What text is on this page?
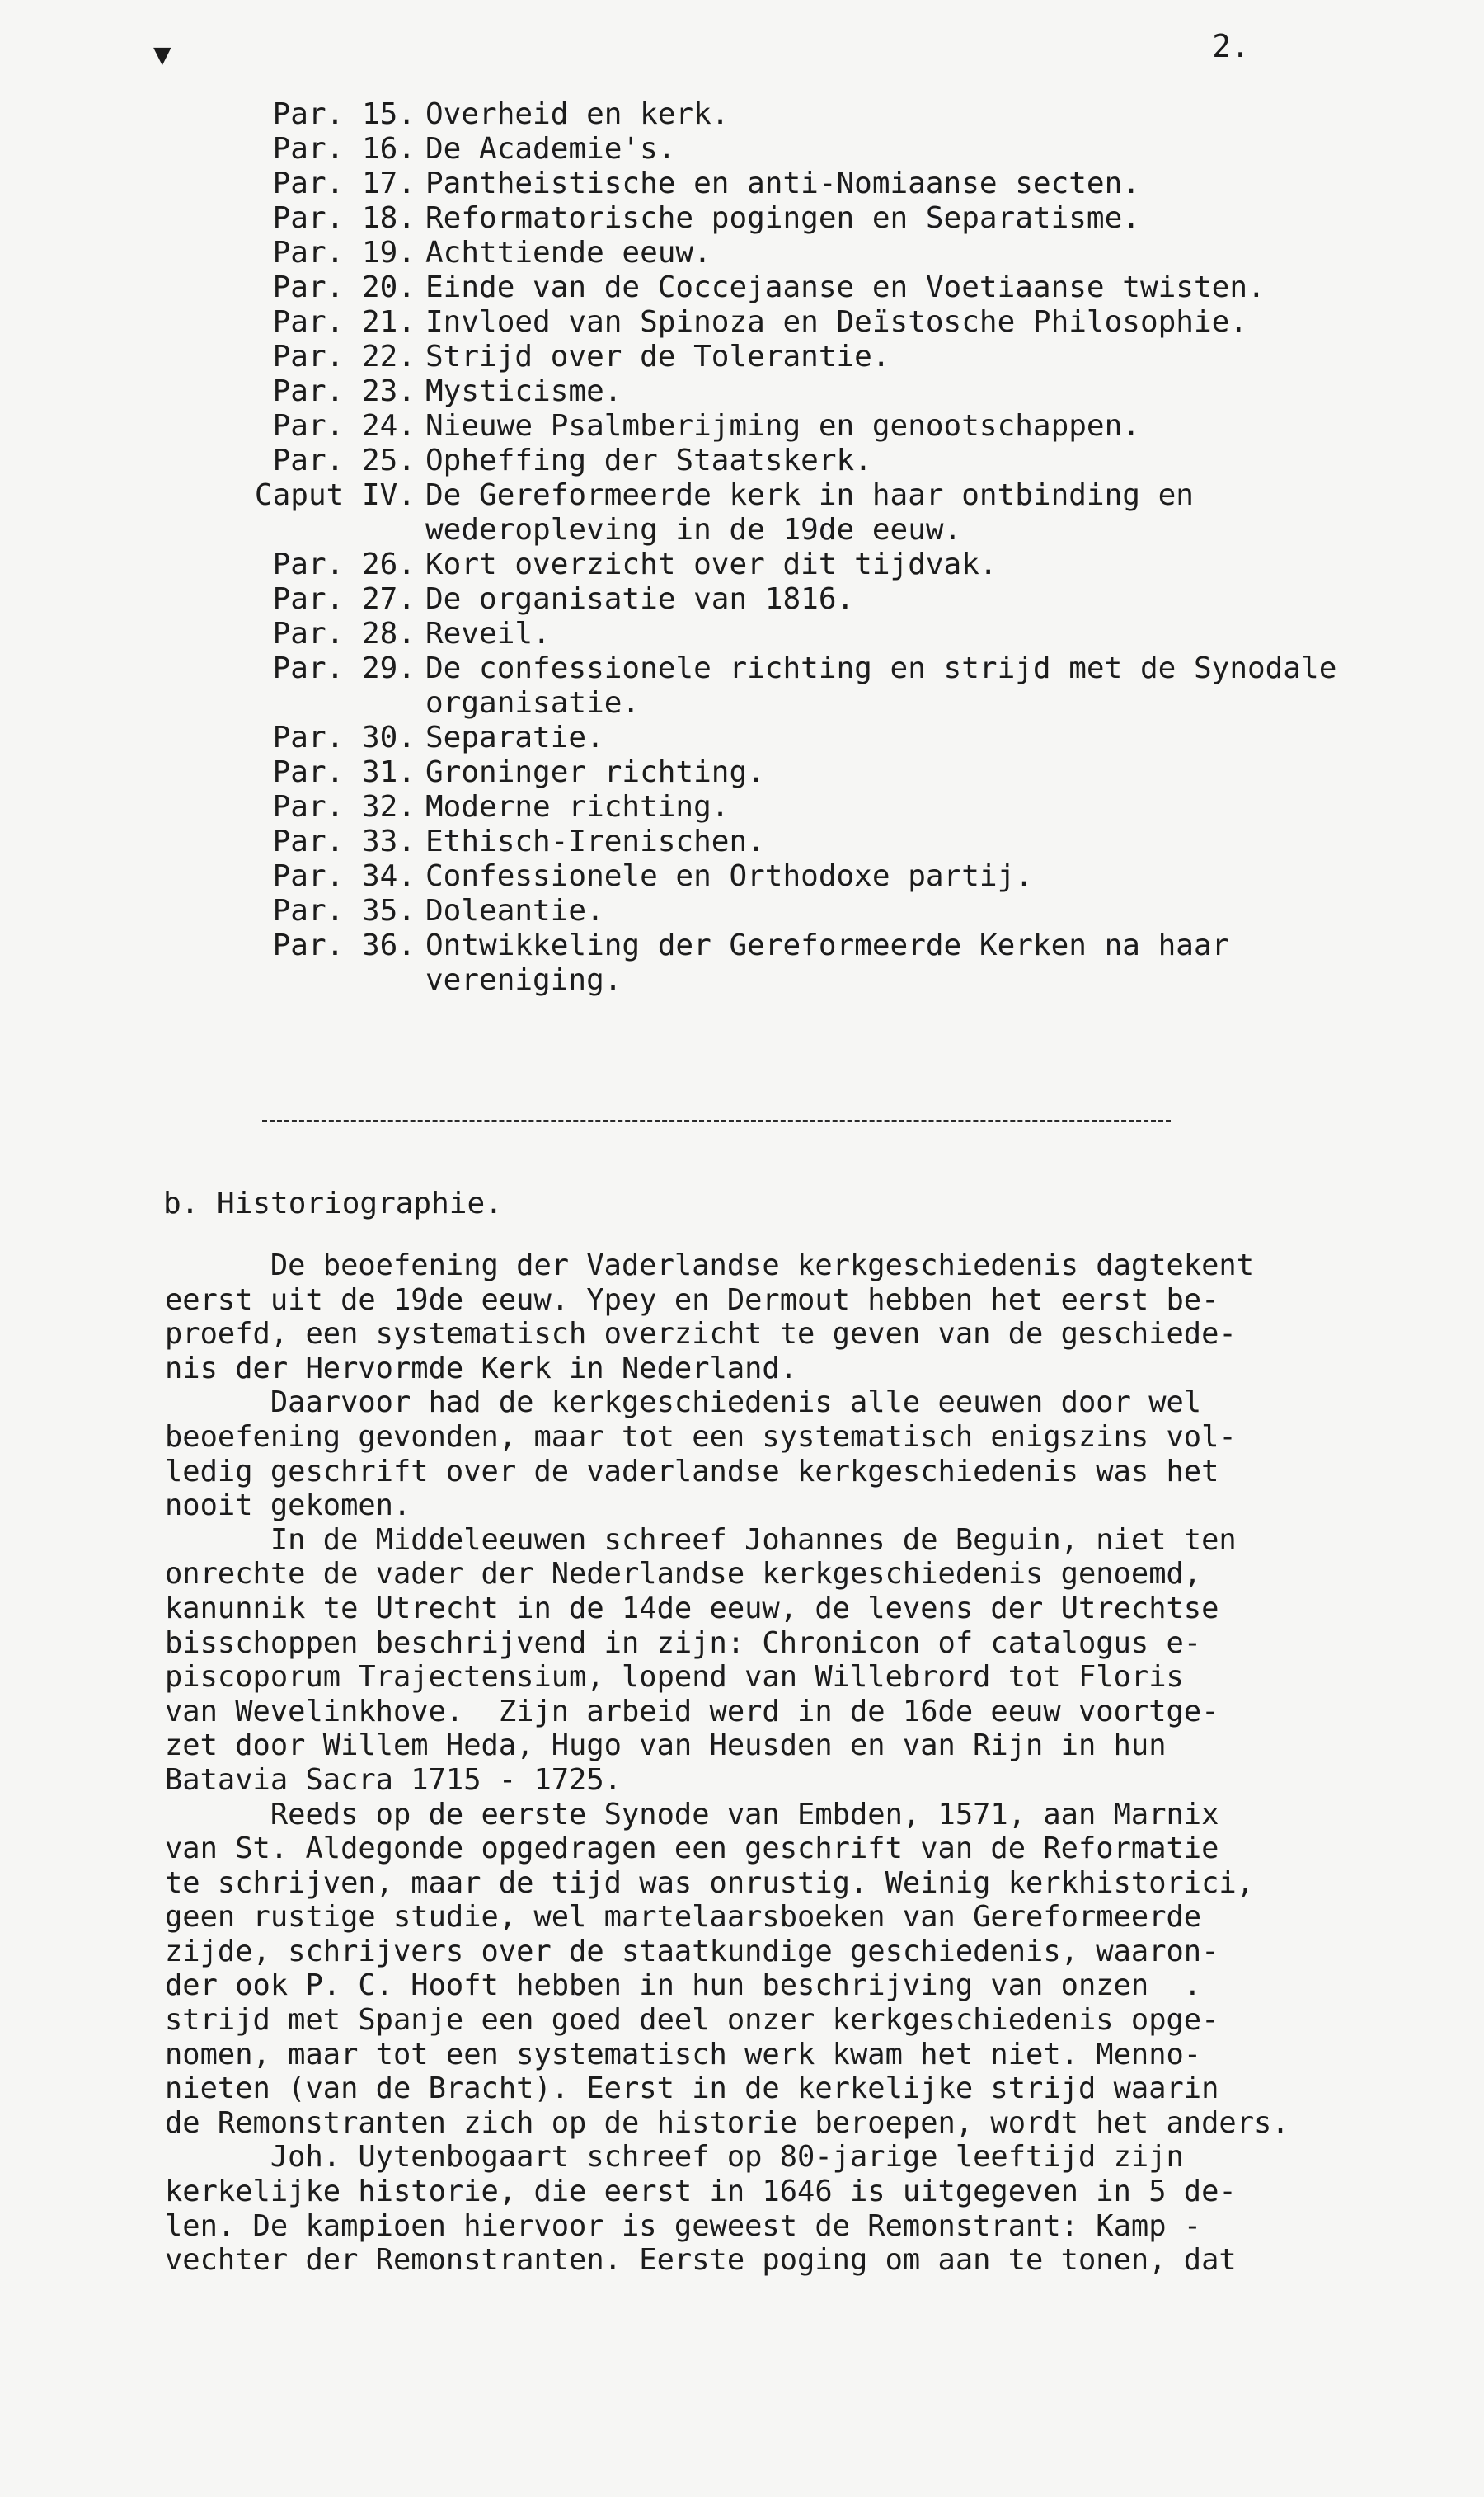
▼	2.
Par. 15. Overheid en kerk.
Par. 16. De Academie's.
Par. 17. Pantheistische en anti-Nomiaanse secten.
Par. 18. Reformatorische pogingen en Separatisme.
Par. 19. Achttiende eeuw.
Par. 20. Einde van de Coccejaanse en Voetiaanse twisten.
Par. 21. Invloed van Spinoza en Deïstosche Philosophie.
Par. 22. Strijd over de Tolerantie.
Par. 23. Mysticisme.
Par. 24. Nieuwe Psalmberijming en genootschappen.
Par. 25. Opheffing der Staatskerk.
Caput IV. De Gereformeerde kerk in haar ontbinding en wederopleving in de 19de eeuw.
Par. 26. Kort overzicht over dit tijdvak.
Par. 27. De organisatie van 1816.
Par. 28. Reveil.
Par. 29. De confessionele richting en strijd met de Synodale organisatie.
Par. 30. Separatie.
Par. 31. Groninger richting.
Par. 32. Moderne richting.
Par. 33. Ethisch-Irenischen.
Par. 34. Confessionele en Orthodoxe partij.
Par. 35. Doleantie.
Par. 36. Ontwikkeling der Gereformeerde Kerken na haar vereniging.
b. Historiographie.
De beoefening der Vaderlandse kerkgeschiedenis dagtekent
eerst uit de 19de eeuw. Ypey en Dermout hebben het eerst be-
proefd, een systematisch overzicht te geven van de geschiede-
nis der Hervormde Kerk in Nederland.
Daarvoor had de kerkgeschiedenis alle eeuwen door wel
beoefening gevonden, maar tot een systematisch enigszins vol-
ledig geschrift over de vaderlandse kerkgeschiedenis was het
nooit gekomen.
In de Middeleeuwen schreef Johannes de Beguin, niet ten
onrechte de vader der Nederlandse kerkgeschiedenis genoemd,
kanunnik te Utrecht in de 14de eeuw, de levens der Utrechtse
bisschoppen beschrijvend in zijn: Chronicon of catalogus e-
piscoporum Trajectensium, lopend van Willebrord tot Floris
van Wevelinkhove.  Zijn arbeid werd in de 16de eeuw voortge-
zet door Willem Heda, Hugo van Heusden en van Rijn in hun
Batavia Sacra 1715 - 1725.
Reeds op de eerste Synode van Embden, 1571, aan Marnix
van St. Aldegonde opgedragen een geschrift van de Reformatie
te schrijven, maar de tijd was onrustig. Weinig kerkhistorici,
geen rustige studie, wel martelaarsboeken van Gereformeerde
zijde, schrijvers over de staatkundige geschiedenis, waaron-
der ook P. C. Hooft hebben in hun beschrijving van onzen  .
strijd met Spanje een goed deel onzer kerkgeschiedenis opge-
nomen, maar tot een systematisch werk kwam het niet. Menno-
nieten (van de Bracht). Eerst in de kerkelijke strijd waarin
de Remonstranten zich op de historie beroepen, wordt het anders.
Joh. Uytenbogaart schreef op 80-jarige leeftijd zijn
kerkelijke historie, die eerst in 1646 is uitgegeven in 5 de-
len. De kampioen hiervoor is geweest de Remonstrant: Kamp -
vechter der Remonstranten. Eerste poging om aan te tonen, dat
